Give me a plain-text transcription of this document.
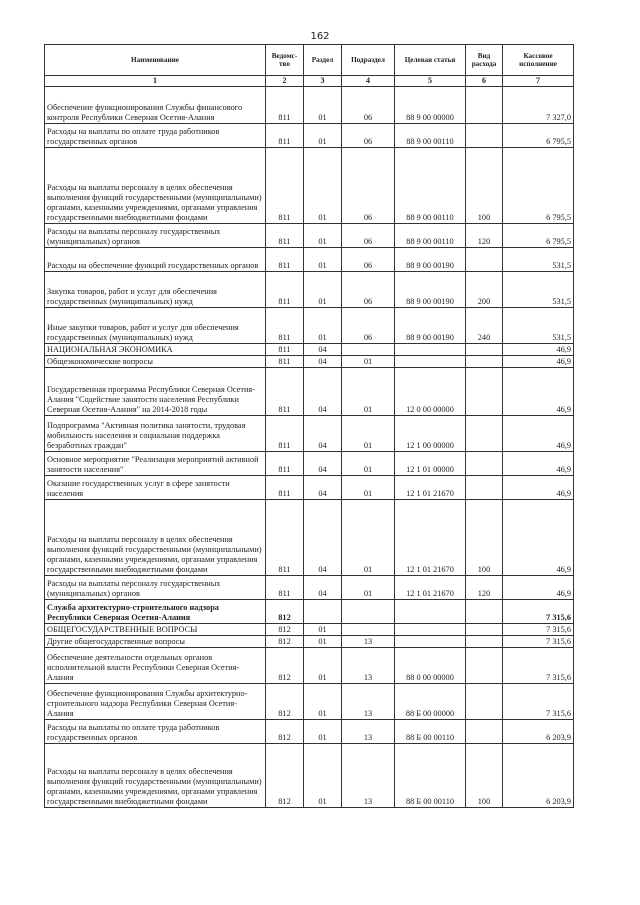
162
Наименование	Ведомс-тво	Раздел	Подраздел	Целевая статья	Вид расхода	Кассовое исполнение
1	2	3	4	5	6	7
Обеспечение функционирования Службы финансового контроля Республики Северная Осетия-Алания	811	01	06	88 9 00 00000		7 327,0
Расходы на выплаты по оплате труда работников государственных органов	811	01	06	88 9 00 00110		6 795,5
Расходы на выплаты персоналу в целях обеспечения выполнения функций государственными (муниципальными) органами, казенными учреждениями, органами управления государственными внебюджетными фондами	811	01	06	88 9 00 00110	100	6 795,5
Расходы на выплаты персоналу государственных (муниципальных) органов	811	01	06	88 9 00 00110	120	6 795,5
Расходы на обеспечение функций государственных органов	811	01	06	88 9 00 00190		531,5
Закупка товаров, работ и услуг для обеспечения государственных (муниципальных) нужд	811	01	06	88 9 00 00190	200	531,5
Иные закупки товаров, работ и услуг для обеспечения государственных (муниципальных) нужд	811	01	06	88 9 00 00190	240	531,5
НАЦИОНАЛЬНАЯ ЭКОНОМИКА	811	04				46,9
Общеэкономические вопросы	811	04	01			46,9
Государственная программа Республики Северная Осетия-Алания "Содействие занятости населения Республики Северная Осетия-Алания" на 2014-2018 годы	811	04	01	12 0 00 00000		46,9
Подпрограмма "Активная политика занятости, трудовая мобильность населения и социальная поддержка безработных граждан"	811	04	01	12 1 00 00000		46,9
Основное мероприятие "Реализация мероприятий активной занятости населения"	811	04	01	12 1 01 00000		46,9
Оказание государственных услуг в сфере занятости населения	811	04	01	12 1 01 21670		46,9
Расходы на выплаты персоналу в целях обеспечения выполнения функций государственными (муниципальными) органами, казенными учреждениями, органами управления государственными внебюджетными фондами	811	04	01	12 1 01 21670	100	46,9
Расходы на выплаты персоналу государственных (муниципальных) органов	811	04	01	12 1 01 21670	120	46,9
Служба архитектурно-строительного надзора Республики Северная Осетия-Алания	812					7 315,6
ОБЩЕГОСУДАРСТВЕННЫЕ ВОПРОСЫ	812	01				7 315,6
Другие общегосударственные вопросы	812	01	13			7 315,6
Обеспечение деятельности отдельных органов исполнительной власти Республики Северная Осетия-Алания	812	01	13	88 0 00 00000		7 315,6
Обеспечение функционирования Службы архитектурно-строительного надзора Республики Северная Осетия-Алания	812	01	13	88 Б 00 00000		7 315,6
Расходы на выплаты по оплате труда работников государственных органов	812	01	13	88 Б 00 00110		6 203,9
Расходы на выплаты персоналу в целях обеспечения выполнения функций государственными (муниципальными) органами, казенными учреждениями, органами управления государственными внебюджетными фондами	812	01	13	88 Б 00 00110	100	6 203,9
